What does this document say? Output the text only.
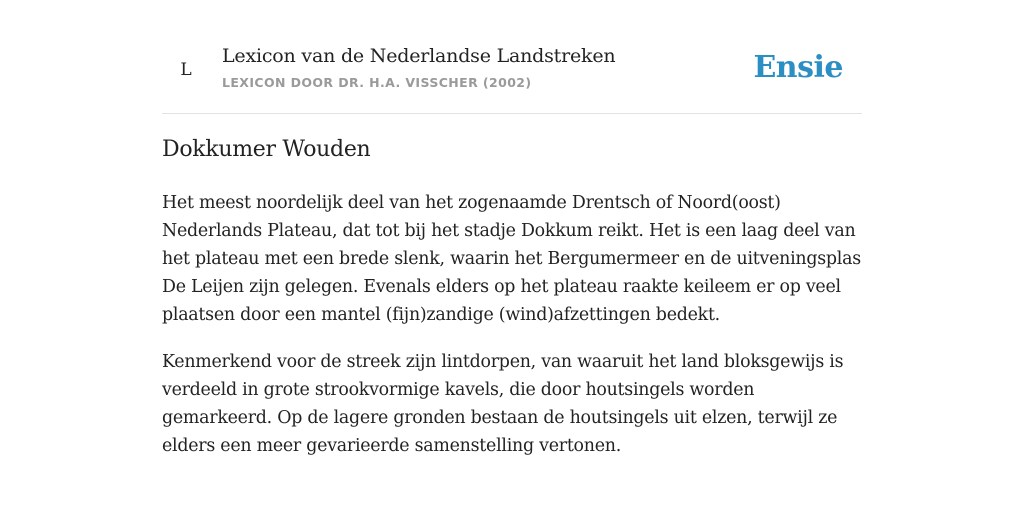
L
Lexicon van de Nederlandse Landstreken
LEXICON DOOR DR. H.A. VISSCHER (2002)	Ensie
Dokkumer Wouden

Het meest noordelijk deel van het zogenaamde Drentsch of Noord(oost) Nederlands Plateau, dat tot bij het stadje Dokkum reikt. Het is een laag deel van het plateau met een brede slenk, waarin het Bergumermeer en de uitveningsplas De Leijen zijn gelegen. Evenals elders op het plateau raakte keileem er op veel plaatsen door een mantel (fijn)zandige (wind)afzettingen bedekt.

Kenmerkend voor de streek zijn lintdorpen, van waaruit het land bloksgewijs is verdeeld in grote strookvormige kavels, die door houtsingels worden gemarkeerd. Op de lagere gronden bestaan de houtsingels uit elzen, terwijl ze elders een meer gevarieerde samenstelling vertonen.
